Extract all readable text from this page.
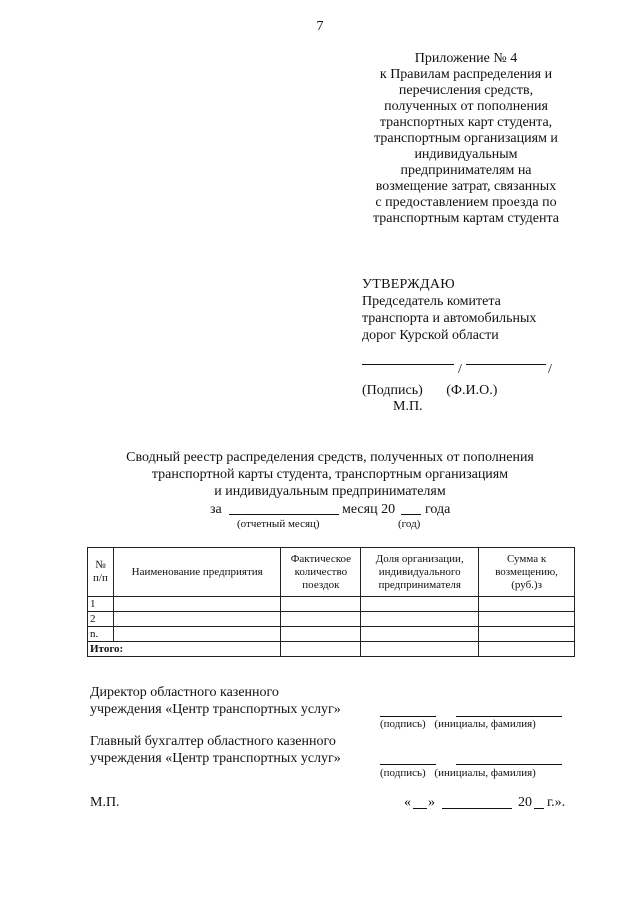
7
Приложение № 4
к Правилам распределения и
перечисления средств,
полученных от пополнения
транспортных карт студента,
транспортным организациям и
индивидуальным
предпринимателям на
возмещение затрат, связанных
с предоставлением проезда по
транспортным картам студента
УТВЕРЖДАЮ
Председатель комитета
транспорта и автомобильных
дорог Курской области
/	/
(Подпись) (Ф.И.О.)
М.П.
Сводный реестр распределения средств, полученных от пополнения
транспортной карты студента, транспортным организациям
и индивидуальным предпринимателям
за	месяц 20 года
(отчетный месяц)	(год)
№ п/п	Наименование предприятия	Фактическое количество поездок	Доля организации, индивидуального предпринимателя	Сумма к возмещению, (руб.)з
1				
2				
n.				
Итого:				
Директор областного казенного
учреждения «Центр транспортных услуг»
(подпись) (инициалы, фамилия)
Главный бухгалтер областного казенного
учреждения «Центр транспортных услуг»
(подпись) (инициалы, фамилия)
М.П.	« »	20 г.».
